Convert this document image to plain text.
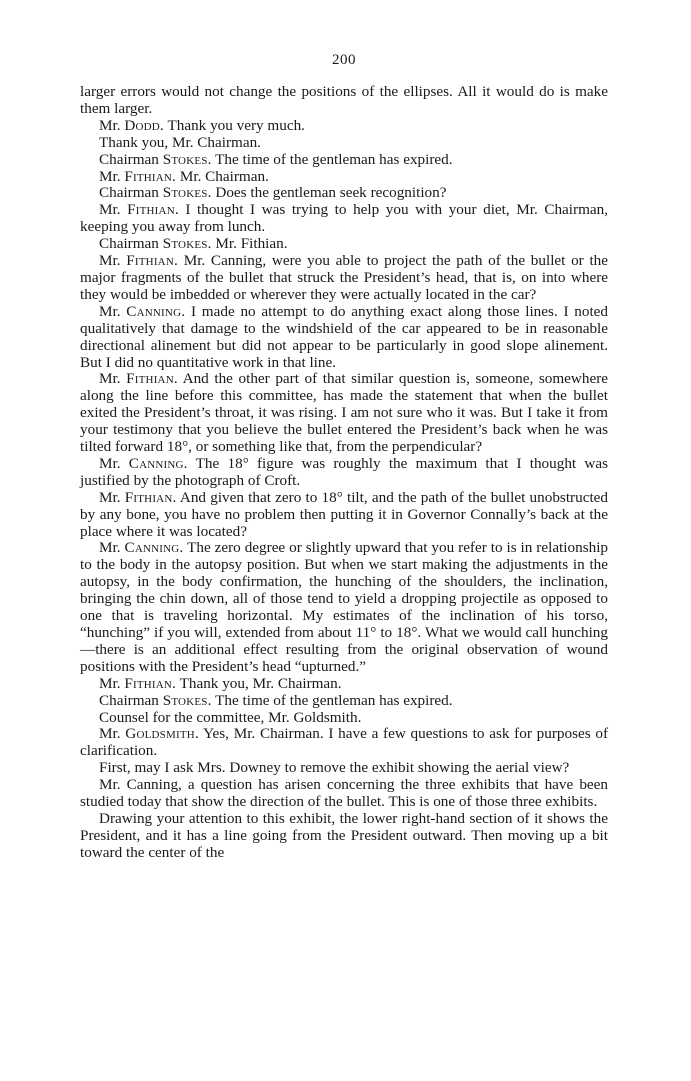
200

larger errors would not change the positions of the ellipses. All it would do is make them larger.

Mr. Dodd. Thank you very much.

Thank you, Mr. Chairman.

Chairman Stokes. The time of the gentleman has expired.

Mr. Fithian. Mr. Chairman.

Chairman Stokes. Does the gentleman seek recognition?

Mr. Fithian. I thought I was trying to help you with your diet, Mr. Chairman, keeping you away from lunch.

Chairman Stokes. Mr. Fithian.

Mr. Fithian. Mr. Canning, were you able to project the path of the bullet or the major fragments of the bullet that struck the President’s head, that is, on into where they would be imbedded or wherever they were actually located in the car?

Mr. Canning. I made no attempt to do anything exact along those lines. I noted qualitatively that damage to the windshield of the car appeared to be in reasonable directional alinement but did not appear to be particularly in good slope alinement. But I did no quantitative work in that line.

Mr. Fithian. And the other part of that similar question is, someone, somewhere along the line before this committee, has made the statement that when the bullet exited the President’s throat, it was rising. I am not sure who it was. But I take it from your testimony that you believe the bullet entered the President’s back when he was tilted forward 18°, or something like that, from the perpendicular?

Mr. Canning. The 18° figure was roughly the maximum that I thought was justified by the photograph of Croft.

Mr. Fithian. And given that zero to 18° tilt, and the path of the bullet unobstructed by any bone, you have no problem then putting it in Governor Connally’s back at the place where it was located?

Mr. Canning. The zero degree or slightly upward that you refer to is in relationship to the body in the autopsy position. But when we start making the adjustments in the autopsy, in the body confirmation, the hunching of the shoulders, the inclination, bringing the chin down, all of those tend to yield a dropping projectile as opposed to one that is traveling horizontal. My estimates of the inclination of his torso, “hunching” if you will, extended from about 11° to 18°. What we would call hunching—there is an additional effect resulting from the original observation of wound positions with the President’s head “upturned.”

Mr. Fithian. Thank you, Mr. Chairman.

Chairman Stokes. The time of the gentleman has expired.

Counsel for the committee, Mr. Goldsmith.

Mr. Goldsmith. Yes, Mr. Chairman. I have a few questions to ask for purposes of clarification.

First, may I ask Mrs. Downey to remove the exhibit showing the aerial view?

Mr. Canning, a question has arisen concerning the three exhibits that have been studied today that show the direction of the bullet. This is one of those three exhibits.

Drawing your attention to this exhibit, the lower right-hand section of it shows the President, and it has a line going from the President outward. Then moving up a bit toward the center of the
